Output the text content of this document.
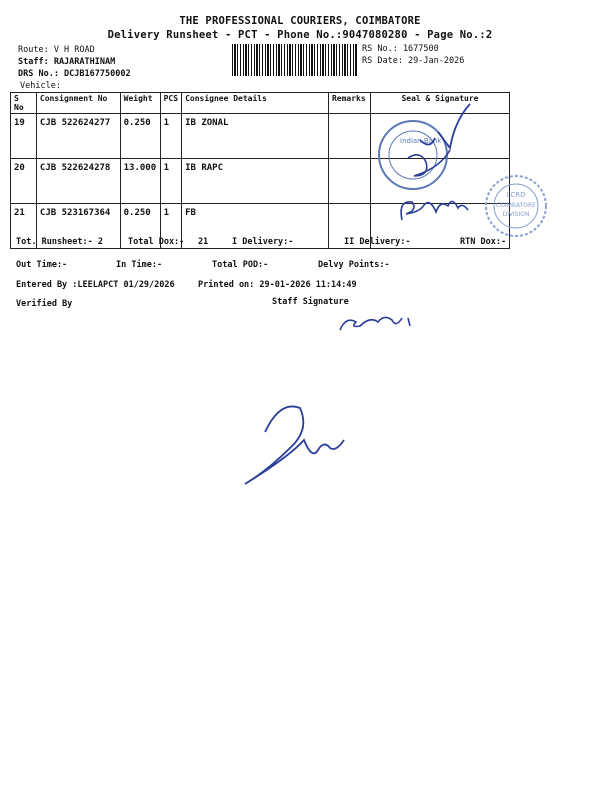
THE PROFESSIONAL COURIERS, COIMBATORE
Delivery Runsheet - PCT - Phone No.:9047080280 - Page No.:2
Route: V H ROAD
Staff: RAJARATHINAM
DRS No.: DCJB167750002
Vehicle:
RS No.: 1677500
RS Date: 29-Jan-2026
S No	Consignment No	Weight	PCS	Consignee Details	Remarks	Seal & Signature
19	CJB 522624277	0.250	1	IB ZONAL		
20	CJB 522624278	13.000	1	IB RAPC		
21	CJB 523167364	0.250	1	FB		
Tot. Runsheet:- 2	Total Dox:- 21	I Delivery:-	II Delivery:-	RTN Dox:-
Out Time:-	In Time:-	Total POD:-	Delvy Points:-
Entered By :LEELAPCT 01/29/2026	Printed on: 29-01-2026 11:14:49
Verified By	Staff Signature
Indian Bank
LCRD
COIMBATORE
DIVISION
